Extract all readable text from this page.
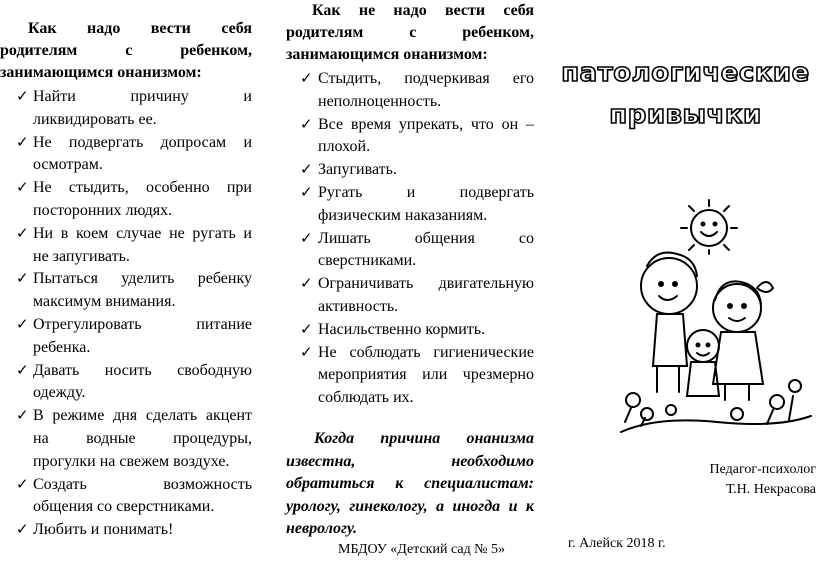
Как надо вести себя
родителям с ребенком,

занимающимся онанизмом:
✓ Найти причину и

ликвидировать ее.
✓ Не подвергать допросам и

осмотрам.
✓ Не стыдить, особенно при

посторонних людях.
✓ Ни в коем случае не ругать и

не запугивать.
✓ Пытаться уделить ребенку

максимум внимания.
✓ Отрегулировать питание

ребенка.
✓ Давать носить свободную

одежду.
✓ В режиме дня сделать акцент
на водные процедуры,

прогулки на свежем воздухе.
✓ Создать возможность

общения со сверстниками.
✓ Любить и понимать!
Как не надо вести себя
родителям с ребенком,

занимающимся онанизмом:
✓ Стыдить, подчеркивая его

неполноценность.
✓ Все время упрекать, что он –

плохой.
✓ Запугивать.
✓ Ругать и подвергать

физическим наказаниям.
✓ Лишать общения со

сверстниками.
✓ Ограничивать двигательную

активность.
✓ Насильственно кормить.
✓ Не соблюдать гигиенические
мероприятия или чрезмерно

соблюдать их.
Когда причина онанизма
известна, необходимо
обратиться к специалистам:
урологу, гинекологу, а иногда и к

неврологу.
МБДОУ «Детский сад № 5»
патологические
привычки
Педагог-психолог
Т.Н. Некрасова
г. Алейск 2018 г.
